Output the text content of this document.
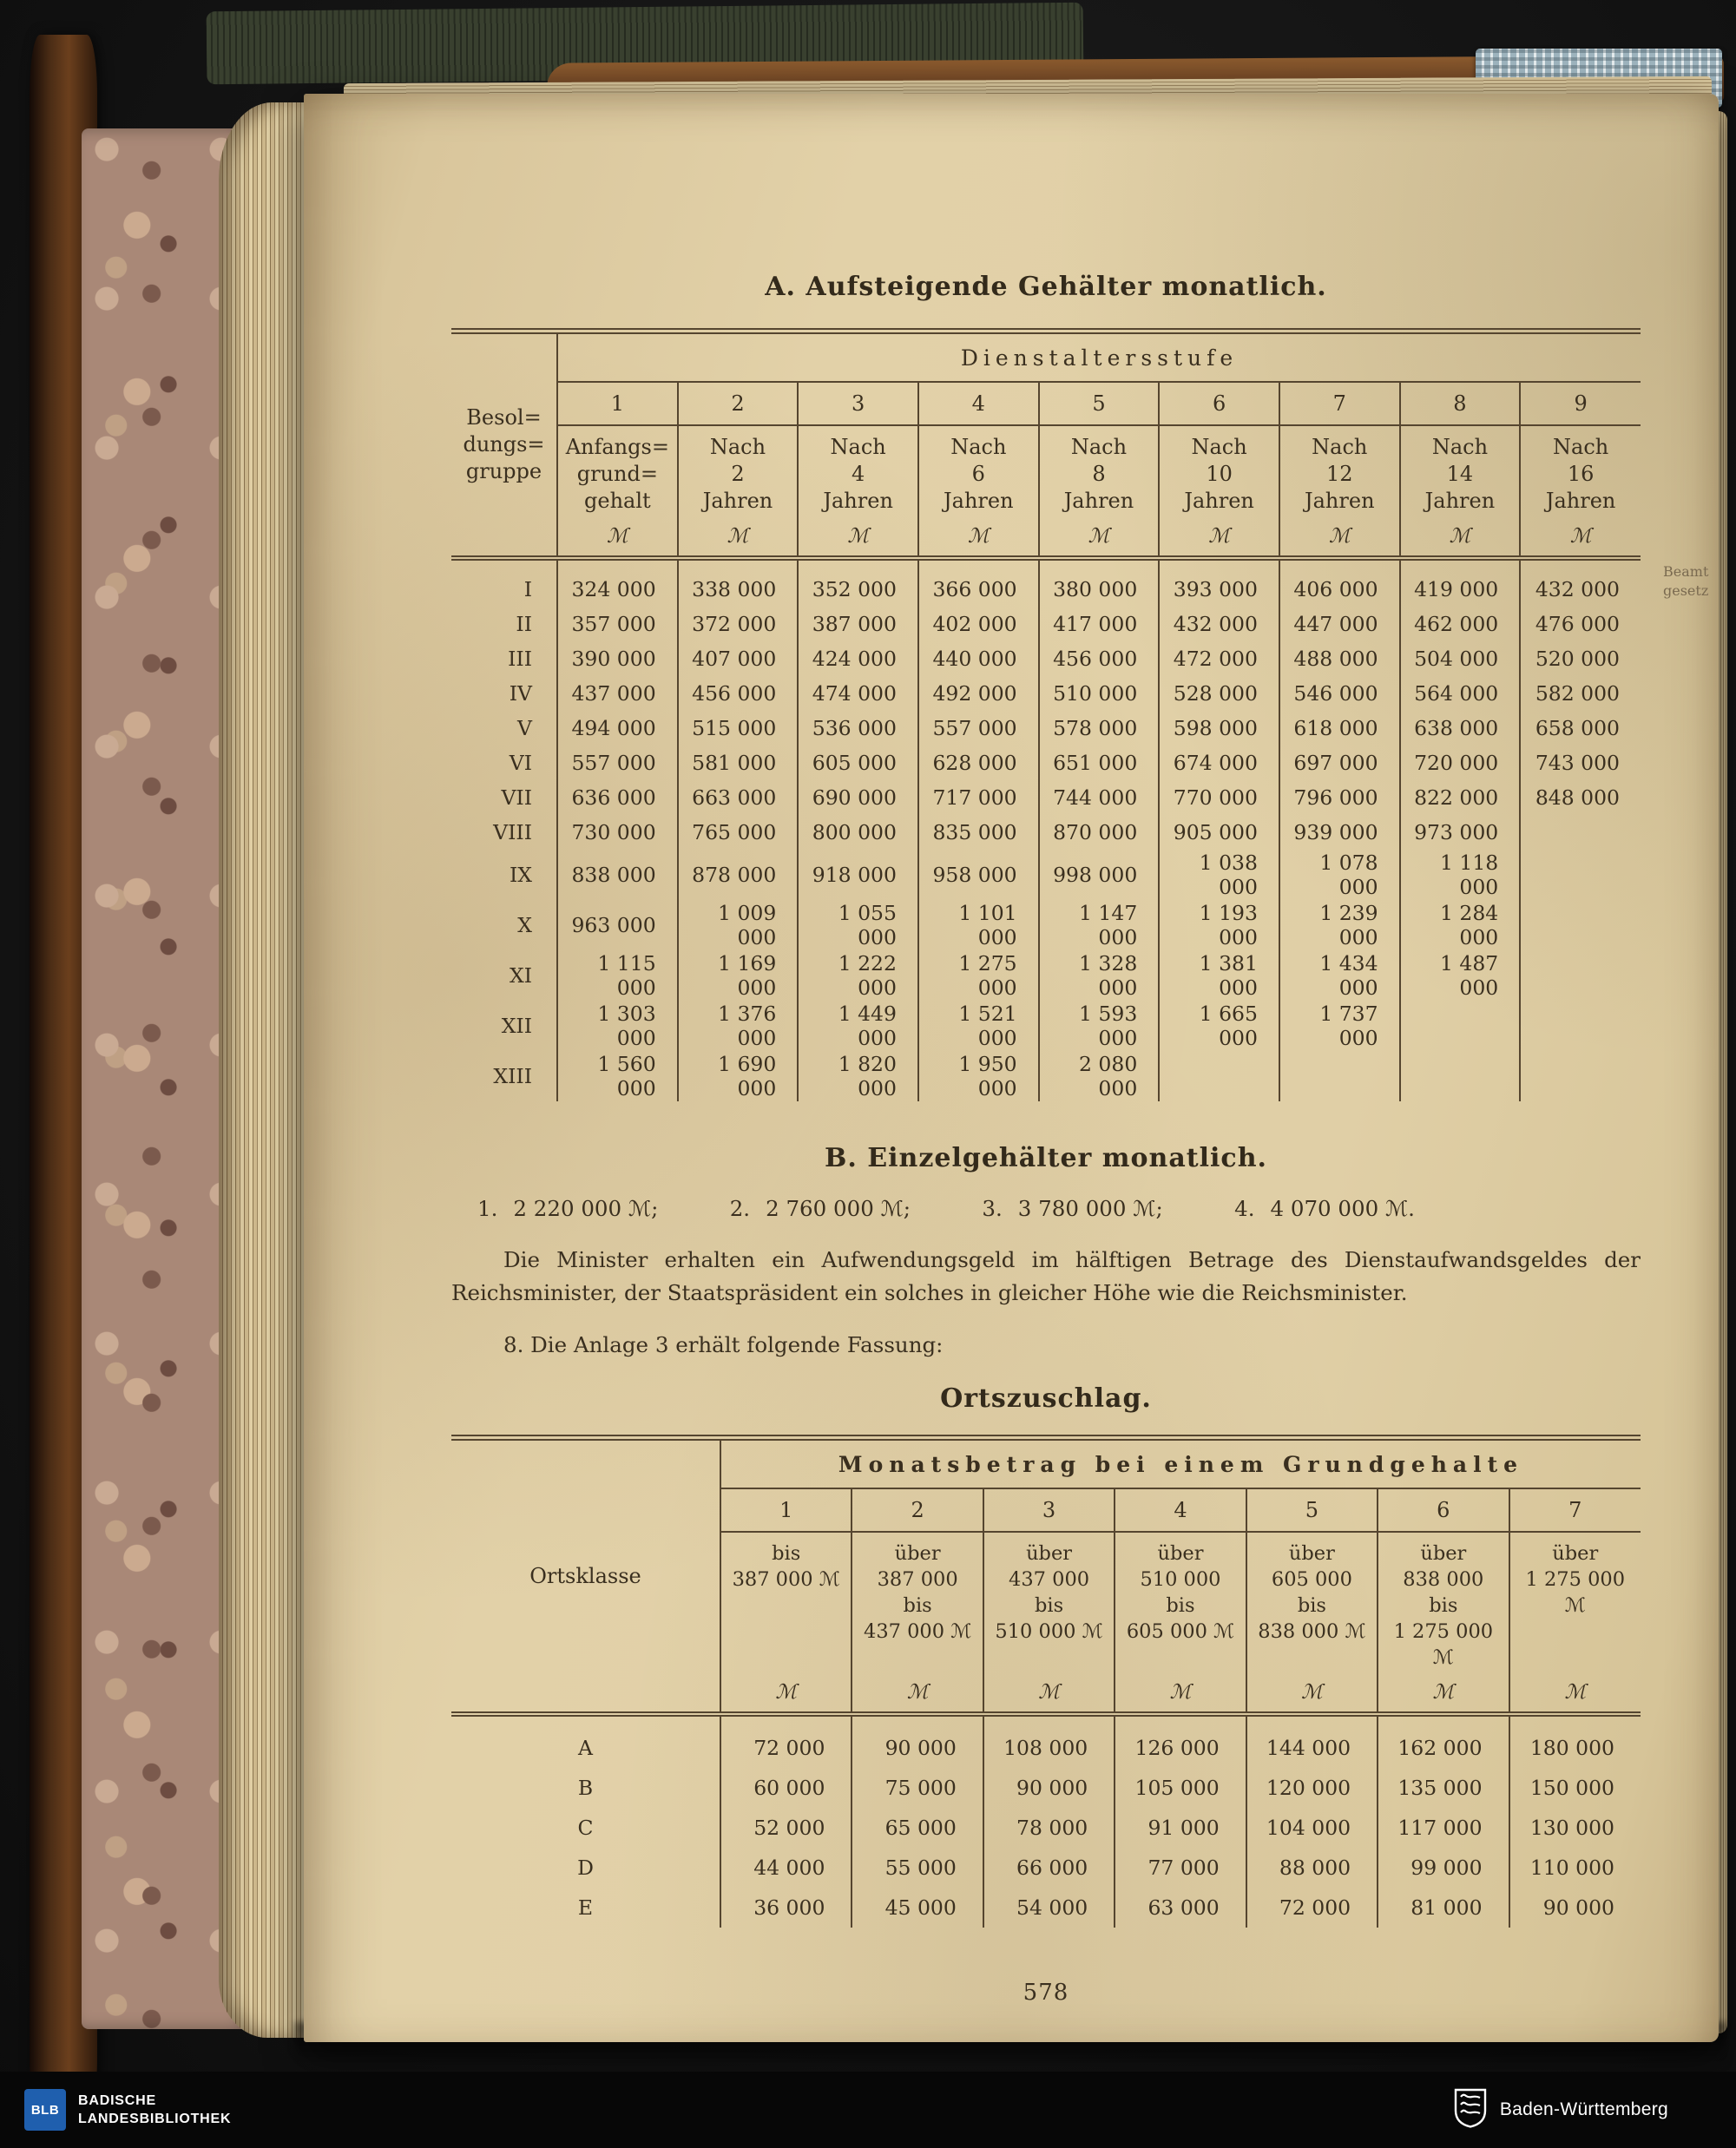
Beamt
gesetz
A. Aufsteigende Gehälter monatlich.
Besol=
dungs=
gruppe	Dienstaltersstufe								
	1	2	3	4	5	6	7	8	9

Anfangs=
grund=
gehalt

Nach
2
Jahren

Nach
4
Jahren

Nach
6
Jahren

Nach
8
Jahren

Nach
10
Jahren

Nach
12
Jahren

Nach
14
Jahren

Nach
16
Jahren

	ℳ	ℳ	ℳ	ℳ	ℳ	ℳ	ℳ	ℳ	ℳ
I	324 000	338 000	352 000	366 000	380 000	393 000	406 000	419 000	432 000
II	357 000	372 000	387 000	402 000	417 000	432 000	447 000	462 000	476 000
III	390 000	407 000	424 000	440 000	456 000	472 000	488 000	504 000	520 000
IV	437 000	456 000	474 000	492 000	510 000	528 000	546 000	564 000	582 000
V	494 000	515 000	536 000	557 000	578 000	598 000	618 000	638 000	658 000
VI	557 000	581 000	605 000	628 000	651 000	674 000	697 000	720 000	743 000
VII	636 000	663 000	690 000	717 000	744 000	770 000	796 000	822 000	848 000
VIII	730 000	765 000	800 000	835 000	870 000	905 000	939 000	973 000	
IX	838 000	878 000	918 000	958 000	998 000	1 038 000	1 078 000	1 118 000	
X	963 000	1 009 000	1 055 000	1 101 000	1 147 000	1 193 000	1 239 000	1 284 000	
XI	1 115 000	1 169 000	1 222 000	1 275 000	1 328 000	1 381 000	1 434 000	1 487 000	
XII	1 303 000	1 376 000	1 449 000	1 521 000	1 593 000	1 665 000	1 737 000		
XIII	1 560 000	1 690 000	1 820 000	1 950 000	2 080 000				
B. Einzelgehälter monatlich.
1. 2 220 000 ℳ;	2. 2 760 000 ℳ;	3. 3 780 000 ℳ;	4. 4 070 000 ℳ.

Die Minister erhalten ein Aufwendungsgeld im hälftigen Betrage des Dienstaufwandsgeldes der Reichsminister, der Staatspräsident ein solches in gleicher Höhe wie die Reichsminister.

8. Die Anlage 3 erhält folgende Fassung:
Ortszuschlag.
Ortsklasse	Monatsbetrag bei einem Grundgehalte						
	1	2	3	4	5	6	7

bis
387 000 ℳ

über
387 000
bis
437 000 ℳ

über
437 000
bis
510 000 ℳ

über
510 000
bis
605 000 ℳ

über
605 000
bis
838 000 ℳ

über
838 000
bis
1 275 000 ℳ

über
1 275 000 ℳ

	ℳ	ℳ	ℳ	ℳ	ℳ	ℳ	ℳ
A	72 000	90 000	108 000	126 000	144 000	162 000	180 000
B	60 000	75 000	90 000	105 000	120 000	135 000	150 000
C	52 000	65 000	78 000	91 000	104 000	117 000	130 000
D	44 000	55 000	66 000	77 000	88 000	99 000	110 000
E	36 000	45 000	54 000	63 000	72 000	81 000	90 000
578
BLB
BADISCHE
LANDESBIBLIOTHEK	Baden-Württemberg
